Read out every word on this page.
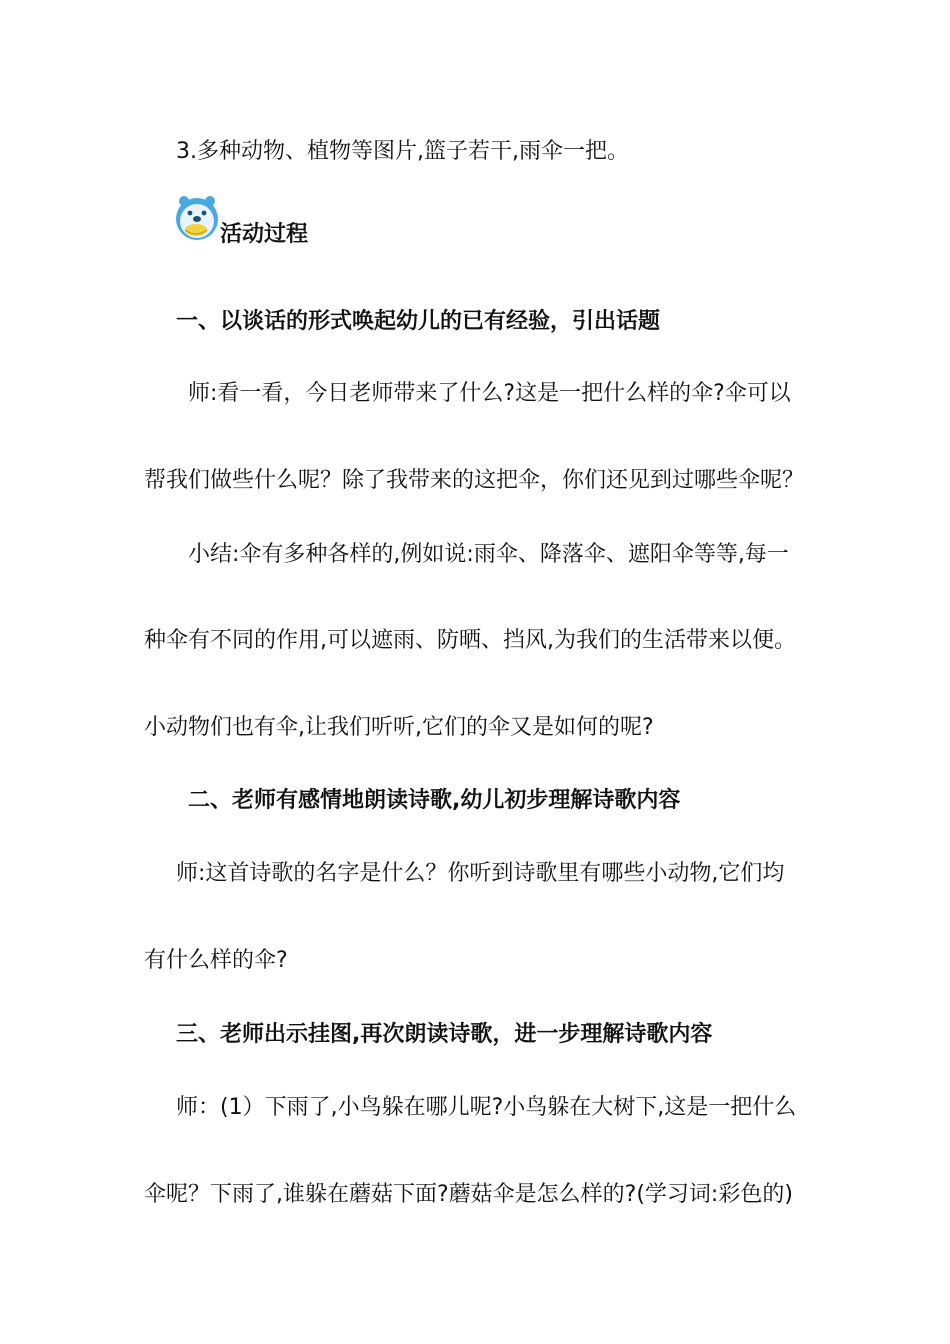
3.多种动物、植物等图片,篮子若干,雨伞一把。
活动过程
一、以谈话的形式唤起幼儿的已有经验，引出话题
师:看一看，今日老师带来了什么?这是一把什么样的伞?伞可以
帮我们做些什么呢？除了我带来的这把伞，你们还见到过哪些伞呢？
小结:伞有多种各样的,例如说:雨伞、降落伞、遮阳伞等等,每一
种伞有不同的作用,可以遮雨、防晒、挡风,为我们的生活带来以便。
小动物们也有伞,让我们听听,它们的伞又是如何的呢?
二、老师有感情地朗读诗歌,幼儿初步理解诗歌内容
师:这首诗歌的名字是什么？你听到诗歌里有哪些小动物,它们均
有什么样的伞?
三、老师出示挂图,再次朗读诗歌，进一步理解诗歌内容
师：(1）下雨了,小鸟躲在哪儿呢?小鸟躲在大树下,这是一把什么
伞呢？下雨了,谁躲在蘑菇下面?蘑菇伞是怎么样的?(学习词:彩色的)
